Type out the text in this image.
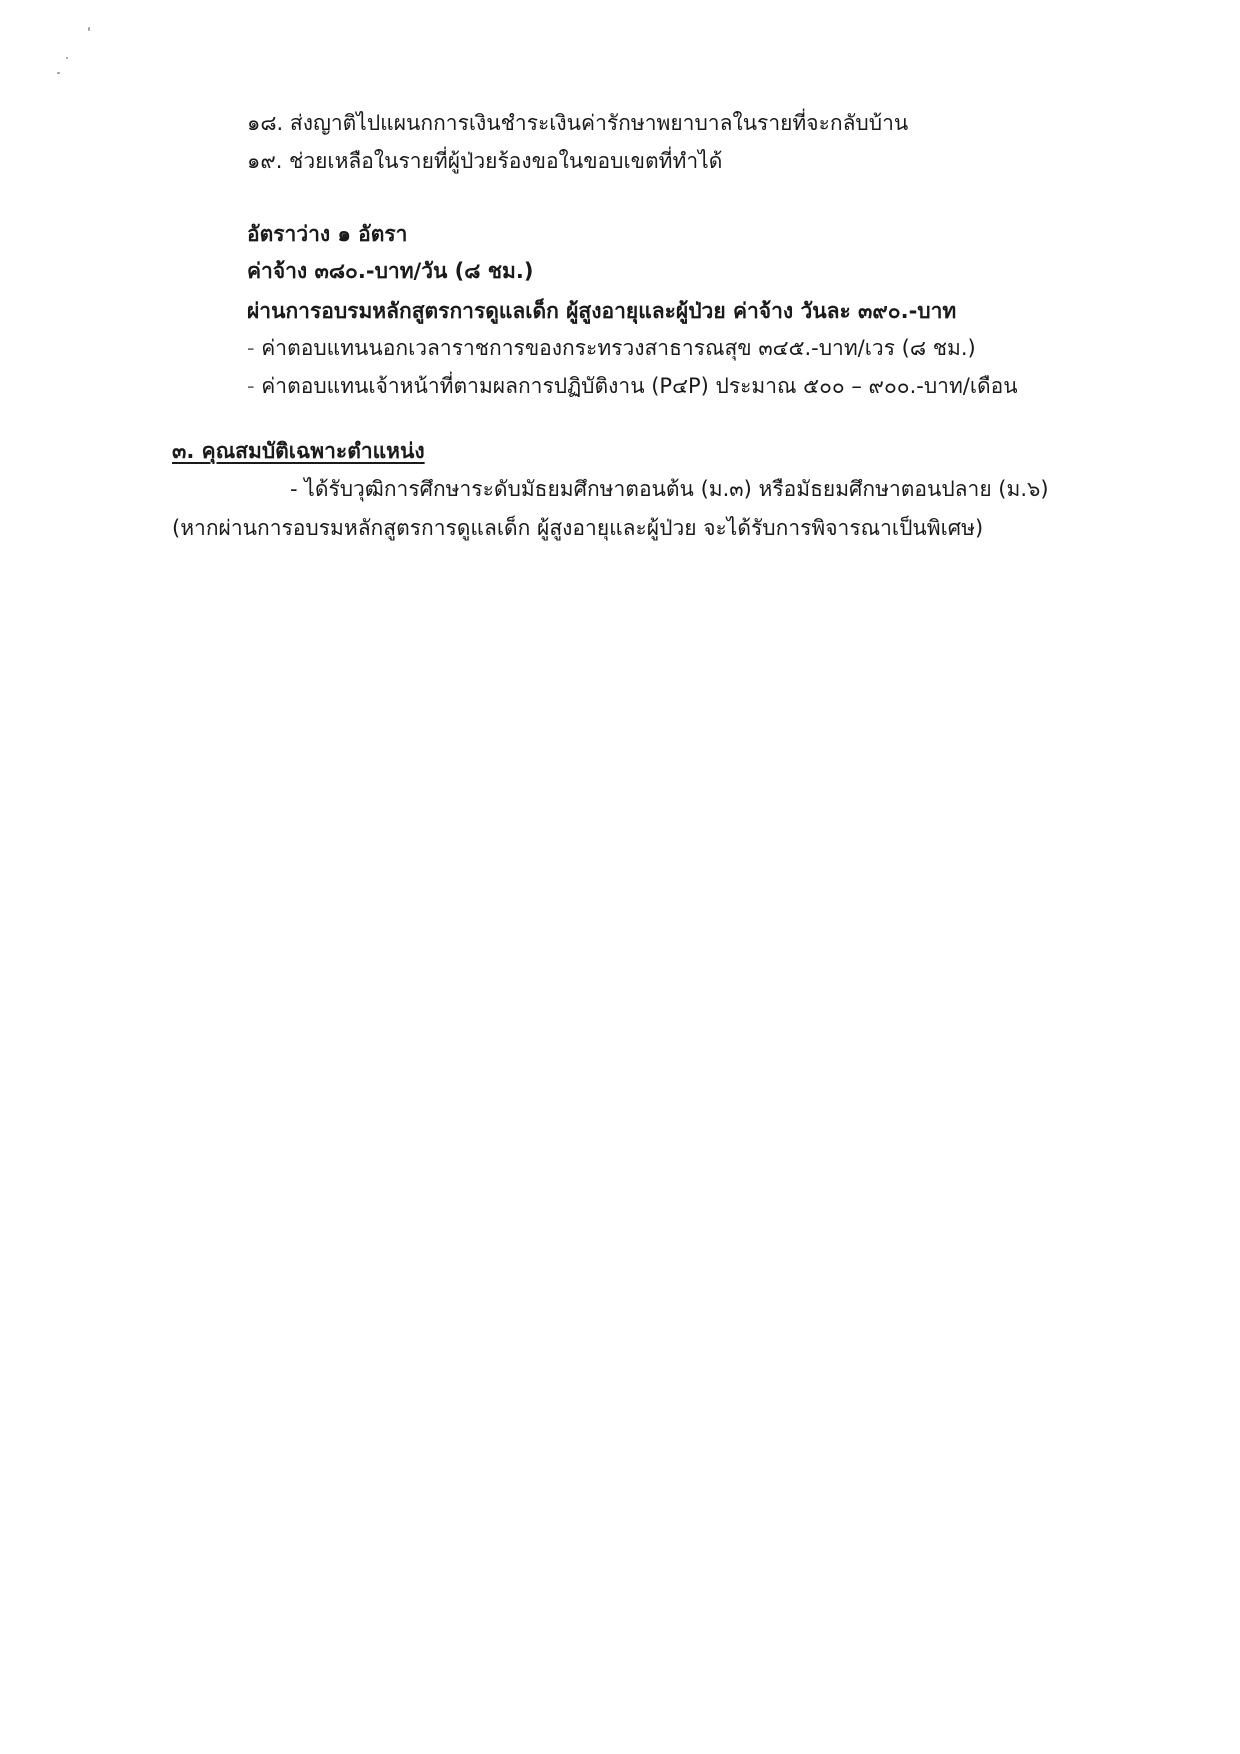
๑๘. ส่งญาติไปแผนกการเงินชำระเงินค่ารักษาพยาบาลในรายที่จะกลับบ้าน
๑๙. ช่วยเหลือในรายที่ผู้ป่วยร้องขอในขอบเขตที่ทำได้
อัตราว่าง ๑ อัตรา
ค่าจ้าง ๓๘๐.-บาท/วัน (๘ ชม.)
ผ่านการอบรมหลักสูตรการดูแลเด็ก ผู้สูงอายุและผู้ป่วย ค่าจ้าง วันละ ๓๙๐.-บาท
- ค่าตอบแทนนอกเวลาราชการของกระทรวงสาธารณสุข ๓๔๕.-บาท/เวร (๘ ชม.)
- ค่าตอบแทนเจ้าหน้าที่ตามผลการปฏิบัติงาน (P๔P) ประมาณ ๕๐๐ – ๙๐๐.-บาท/เดือน
๓. คุณสมบัติเฉพาะตำแหน่ง
- ได้รับวุฒิการศึกษาระดับมัธยมศึกษาตอนต้น (ม.๓) หรือมัธยมศึกษาตอนปลาย (ม.๖)
(หากผ่านการอบรมหลักสูตรการดูแลเด็ก ผู้สูงอายุและผู้ป่วย จะได้รับการพิจารณาเป็นพิเศษ)
